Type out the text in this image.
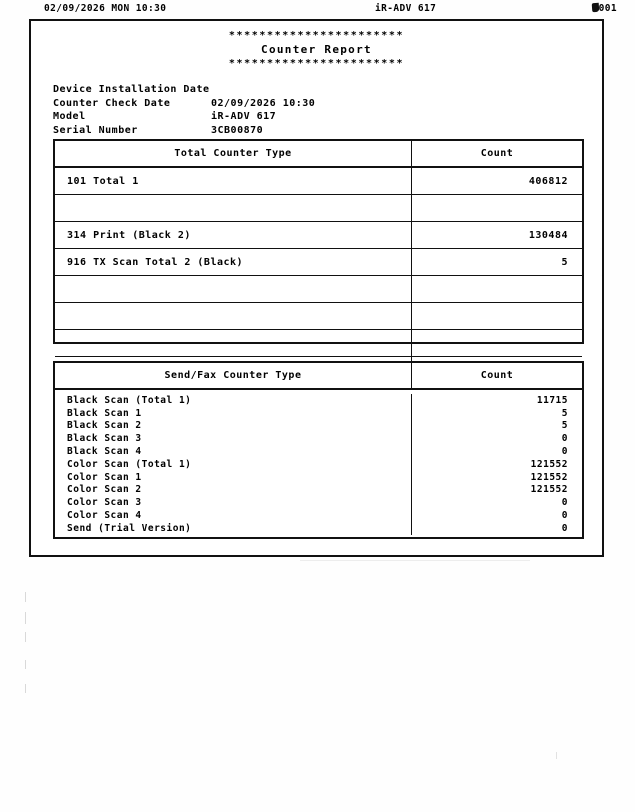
02/09/2026 MON 10:30	iR-ADV 617	001
***********************
Counter Report
***********************
Device Installation Date
Counter Check Date	02/09/2026 10:30
Model	iR-ADV 617
Serial Number	3CB00870
Total Counter Type	Count
101 Total 1	406812
314 Print (Black 2)	130484
916 TX Scan Total 2 (Black)	5
Send/Fax Counter Type	Count
Black Scan (Total 1)	11715
Black Scan 1	5
Black Scan 2	5
Black Scan 3	0
Black Scan 4	0
Color Scan (Total 1)	121552
Color Scan 1	121552
Color Scan 2	121552
Color Scan 3	0
Color Scan 4	0
Send (Trial Version)	0
